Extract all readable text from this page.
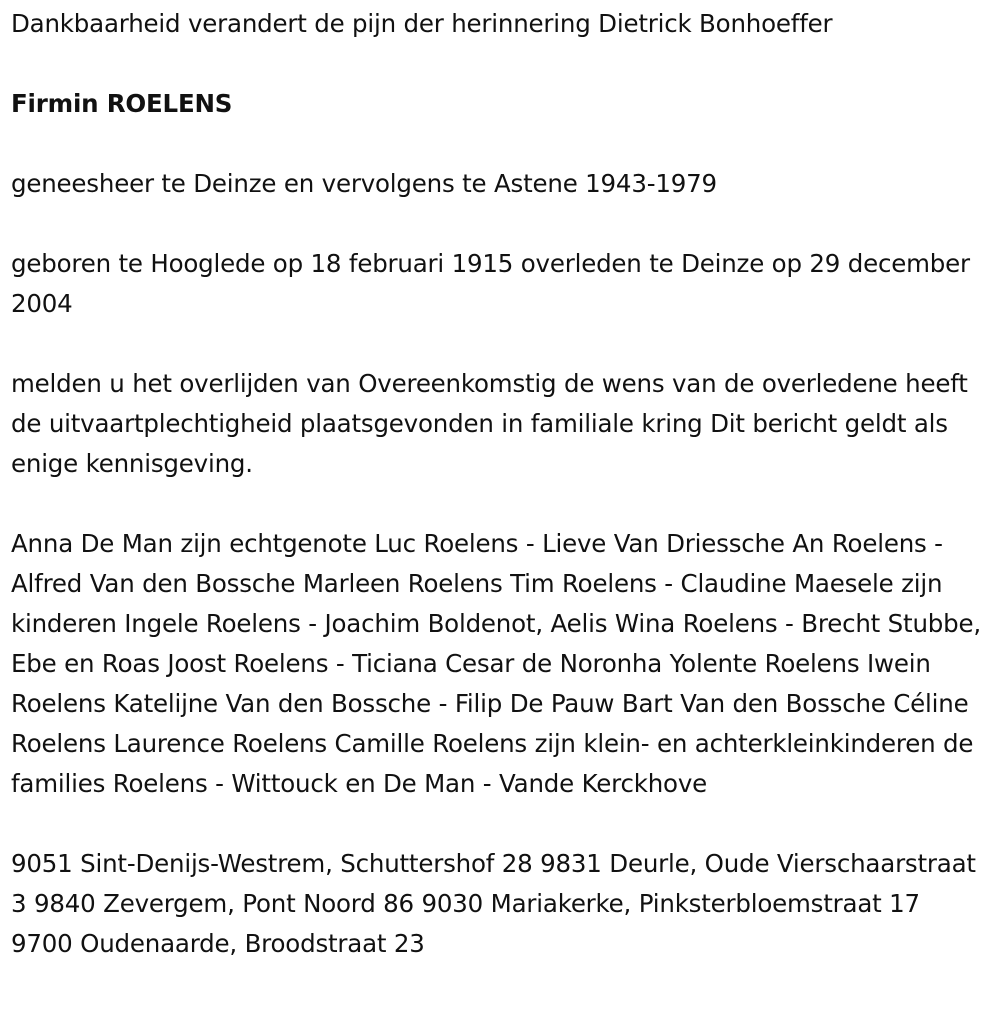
Dankbaarheid verandert de pijn der herinnering Dietrick Bonhoeffer

Firmin ROELENS

geneesheer te Deinze en vervolgens te Astene 1943-1979

geboren te Hooglede op 18 februari 1915 overleden te Deinze op 29 december 2004

melden u het overlijden van Overeenkomstig de wens van de overledene heeft de uitvaartplechtigheid plaatsgevonden in familiale kring Dit bericht geldt als enige kennisgeving.

Anna De Man zijn echtgenote Luc Roelens - Lieve Van Driessche An Roelens - Alfred Van den Bossche Marleen Roelens Tim Roelens - Claudine Maesele zijn kinderen Ingele Roelens - Joachim Boldenot, Aelis Wina Roelens - Brecht Stubbe, Ebe en Roas Joost Roelens - Ticiana Cesar de Noronha Yolente Roelens Iwein Roelens Katelijne Van den Bossche - Filip De Pauw Bart Van den Bossche Céline Roelens Laurence Roelens Camille Roelens zijn klein- en achterkleinkinderen de families Roelens - Wittouck en De Man - Vande Kerckhove

9051 Sint-Denijs-Westrem, Schuttershof 28 9831 Deurle, Oude Vierschaarstraat 3 9840 Zevergem, Pont Noord 86 9030 Mariakerke, Pinksterbloemstraat 17 9700 Oudenaarde, Broodstraat 23
